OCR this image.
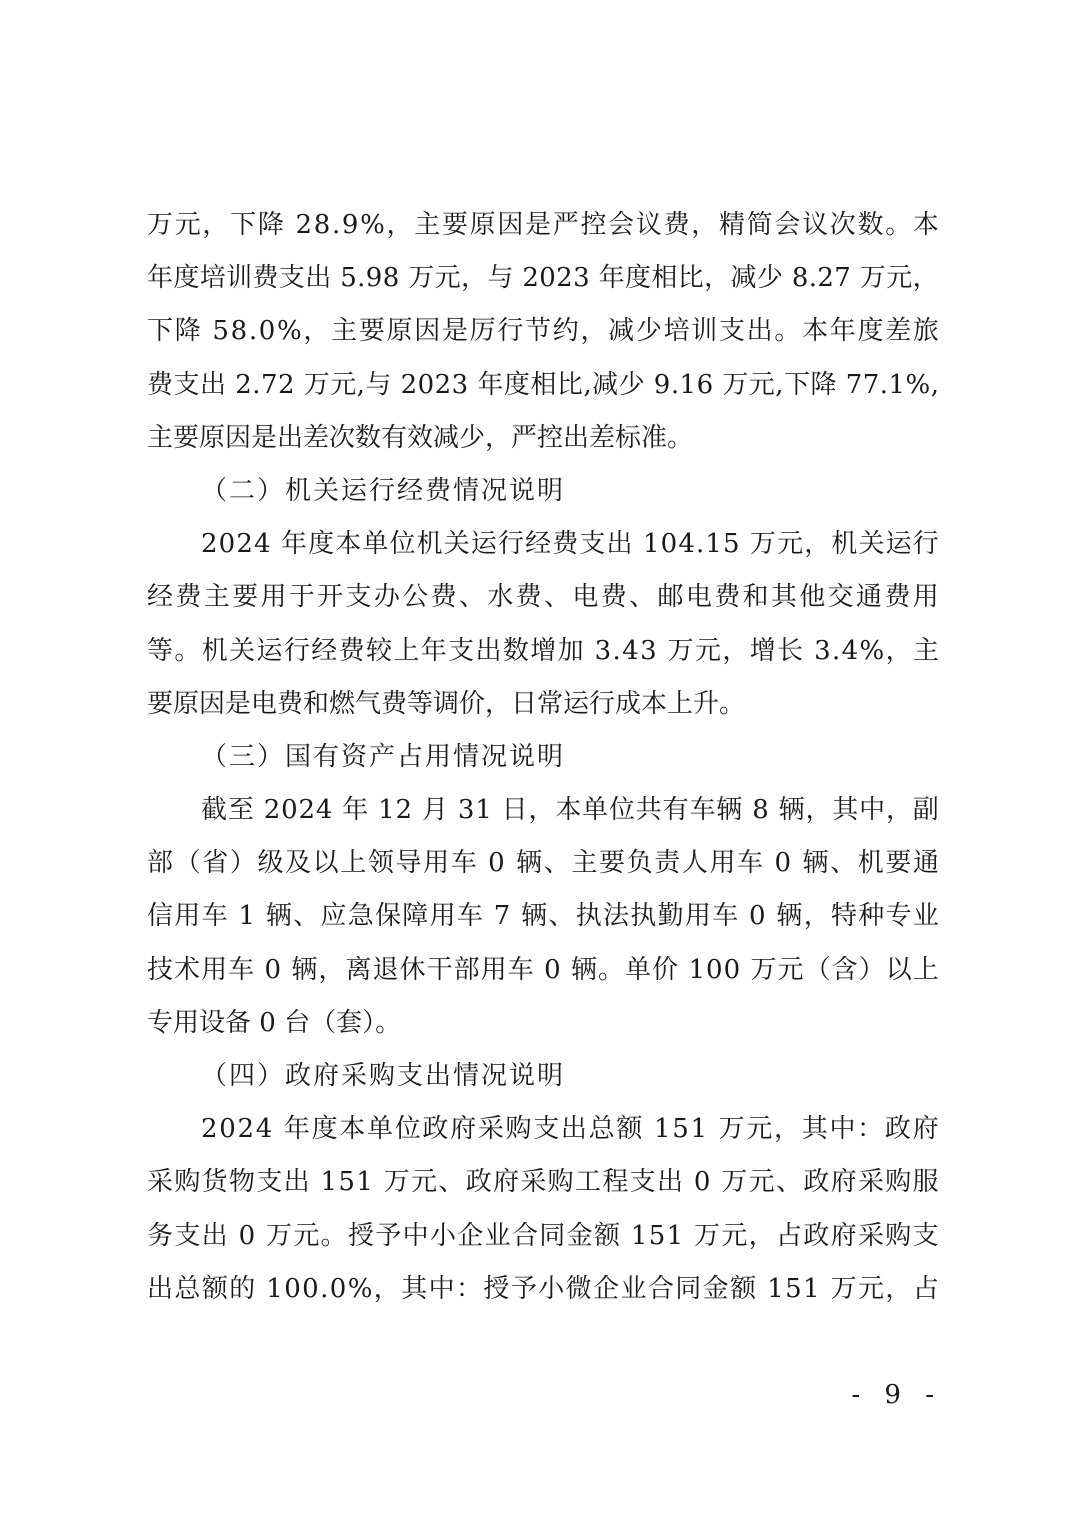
万 元 ， 下 降
2 8 . 9 % ， 主 要 原 因 是 严 控 会 议 费 ， 精 简 会 议 次 数 。 本
年 度 培 训 费 支 出
5 . 9 8
万 元 ， 与
2 0 2 3
年 度 相 比 ， 减 少
8 . 2 7
万 元 ，
下 降
5 8 . 0 % ， 主 要 原 因 是 厉 行 节 约 ， 减 少 培 训 支 出 。 本 年 度 差 旅
费 支 出
2 . 7 2
万 元 , 与
2 0 2 3
年 度 相 比 , 减 少
9 . 1 6
万 元 , 下 降
7 7 . 1 % ,
主要原因是出差次数有效减少，严控出差标准。
（二）机关运行经费情况说明
2 0 2 4
年 度 本 单 位 机 关 运 行 经 费 支 出
1 0 4 . 1 5
万 元 ， 机 关 运 行
经 费 主 要 用 于 开 支 办 公 费 、 水 费 、 电 费 、 邮 电 费 和 其 他 交 通 费 用
等 。 机 关 运 行 经 费 较 上 年 支 出 数 增 加
3 . 4 3
万 元 ， 增 长
3 . 4 % ， 主
要原因是电费和燃气费等调价，日常运行成本上升。
（三）国有资产占用情况说明
截 至
2 0 2 4
年
1 2
月
3 1
日 ， 本 单 位 共 有 车 辆
8
辆 ， 其 中 ， 副
部 （ 省 ） 级 及 以 上 领 导 用 车
0
辆 、 主 要 负 责 人 用 车
0
辆 、 机 要 通
信 用 车
1
辆 、 应 急 保 障 用 车
7
辆 、 执 法 执 勤 用 车
0
辆 ， 特 种 专 业
技 术 用 车
0
辆 ， 离 退 休 干 部 用 车
0
辆 。 单 价
1 0 0
万 元 （ 含 ） 以 上
专用设备 0 台（套）。
（四）政府采购支出情况说明
2 0 2 4
年 度 本 单 位 政 府 采 购 支 出 总 额
1 5 1
万 元 ， 其 中 ： 政 府
采 购 货 物 支 出
1 5 1
万 元 、 政 府 采 购 工 程 支 出
0
万 元 、 政 府 采 购 服
务 支 出
0
万 元 。 授 予 中 小 企 业 合 同 金 额
1 5 1
万 元 ， 占 政 府 采 购 支
出 总 额 的
1 0 0 . 0 % ， 其 中 ： 授 予 小 微 企 业 合 同 金 额
1 5 1
万 元 ， 占
- 9 -
